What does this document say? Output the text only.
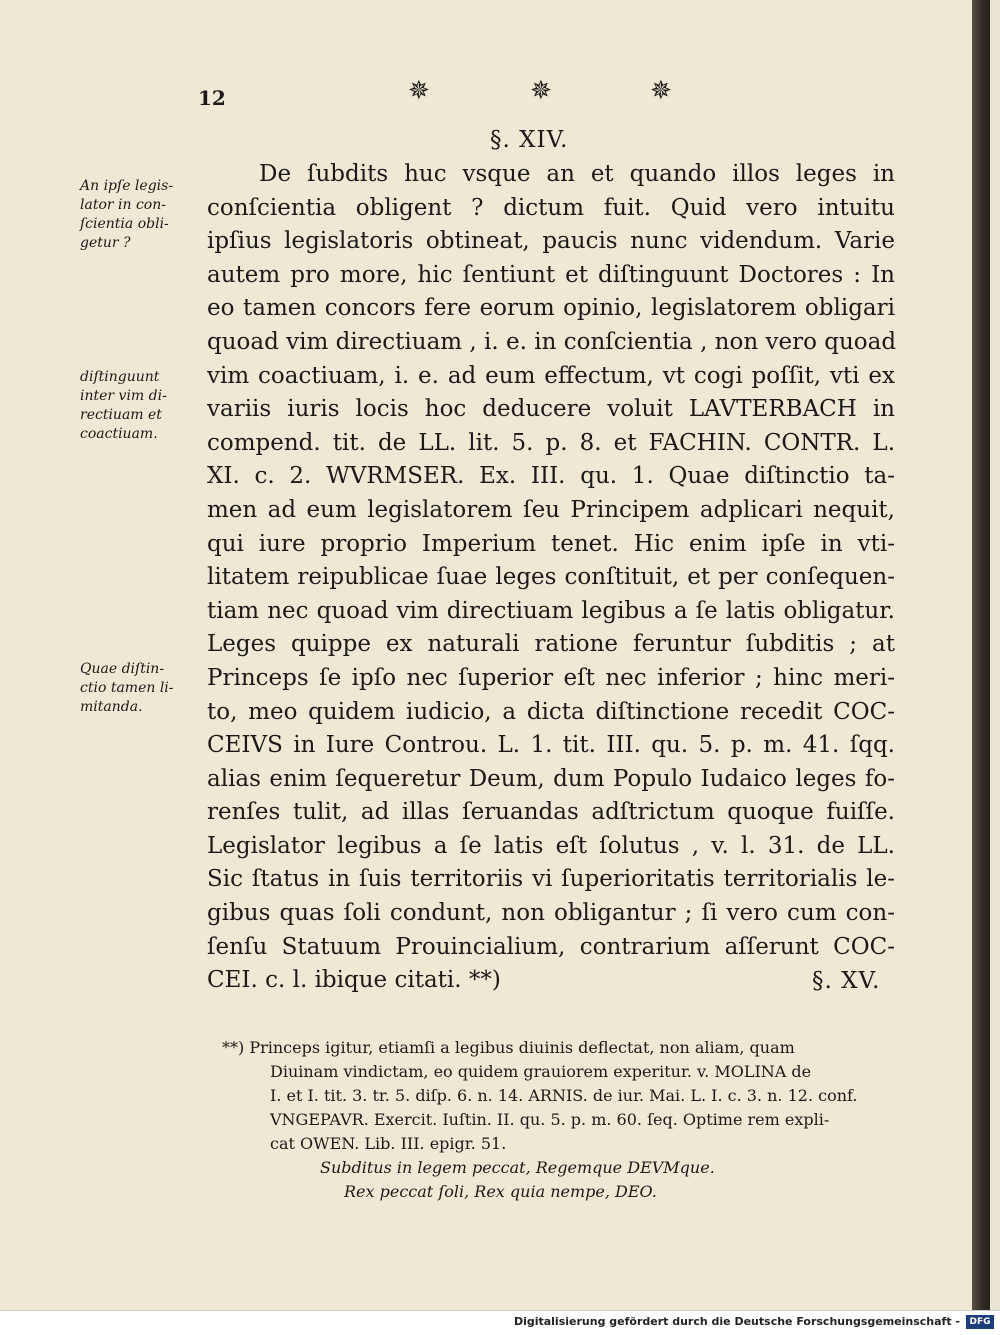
12	✵	✵	✵
§. XIV.
An ipſe legis-
lator in con-
ſcientia obli-
getur ?
diſtinguunt
inter vim di-
rectiuam et
coactiuam.
Quae diſtin-
ctio tamen li-
mitanda.
De ſubdits huc vsque an et quando illos leges in
conſcientia obligent ? dictum fuit. Quid vero intuitu
ipſius legislatoris obtineat, paucis nunc videndum. Varie
autem pro more, hic ſentiunt et diſtinguunt Doctores : In
eo tamen concors fere eorum opinio, legislatorem obligari
quoad vim directiuam , i. e. in conſcientia , non vero quoad
vim coactiuam, i. e. ad eum effectum, vt cogi poſſit, vti ex
variis iuris locis hoc deducere voluit LAVTERBACH in
compend. tit. de LL. lit. 5. p. 8. et FACHIN. CONTR. L.
XI. c. 2. WVRMSER. Ex. III. qu. 1. Quae diſtinctio ta-
men ad eum legislatorem ſeu Principem adplicari nequit,
qui iure proprio Imperium tenet. Hic enim ipſe in vti-
litatem reipublicae ſuae leges conſtituit, et per conſequen-
tiam nec quoad vim directiuam legibus a ſe latis obligatur.
Leges quippe ex naturali ratione feruntur ſubditis ; at
Princeps ſe ipſo nec ſuperior eſt nec inferior ; hinc meri-
to, meo quidem iudicio, a dicta diſtinctione recedit COC-
CEIVS in Iure Controu. L. 1. tit. III. qu. 5. p. m. 41. ſqq.
alias enim ſequeretur Deum, dum Populo Iudaico leges fo-
renſes tulit, ad illas ſeruandas adſtrictum quoque fuiſſe.
Legislator legibus a ſe latis eſt ſolutus , v. l. 31. de LL.
Sic ſtatus in ſuis territoriis vi ſuperioritatis territorialis le-
gibus quas ſoli condunt, non obligantur ; ſi vero cum con-
ſenſu Statuum Prouincialium, contrarium aſſerunt COC-
CEI. c. l. ibique citati. **)	§. XV.
**) Princeps igitur, etiamſi a legibus diuinis deflectat, non aliam, quam
Diuinam vindictam, eo quidem grauiorem experitur. v. MOLINA de
I. et I. tit. 3. tr. 5. diſp. 6. n. 14. ARNIS. de iur. Mai. L. I. c. 3. n. 12. conf.
VNGEPAVR. Exercit. Iuſtin. II. qu. 5. p. m. 60. ſeq. Optime rem expli-
cat OWEN. Lib. III. epigr. 51.
Subditus in legem peccat, Regemque DEVMque.
Rex peccat ſoli, Rex quia nempe, DEO.
Digitalisierung gefördert durch die Deutsche Forschungsgemeinschaft -	DFG
